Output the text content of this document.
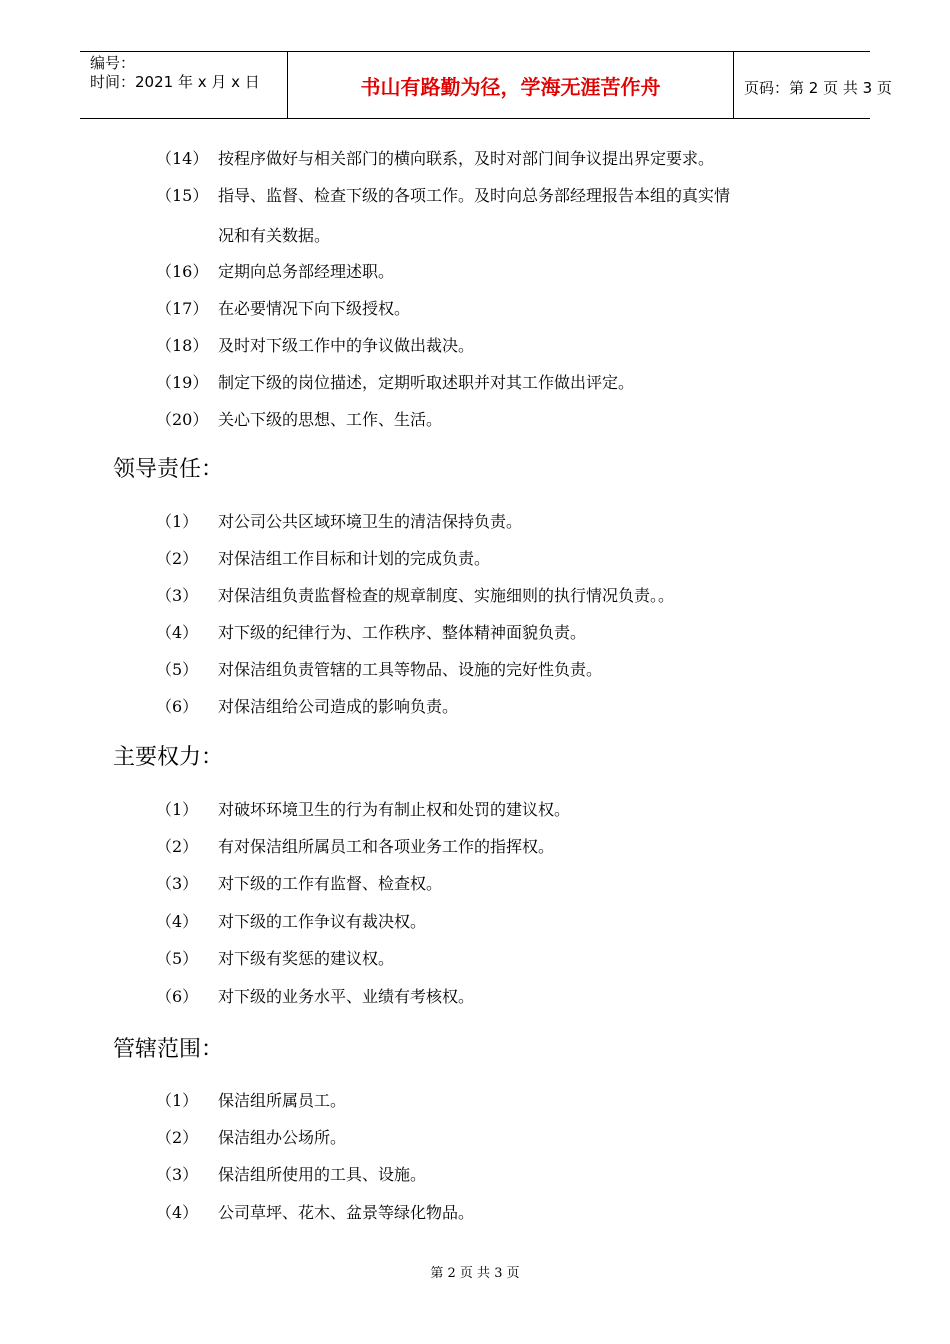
编号：
时间：2021 年 x 月 x 日	书山有路勤为径，学海无涯苦作舟	页码：第 2 页 共 3 页
（14） 按程序做好与相关部门的横向联系，及时对部门间争议提出界定要求。
（15） 指导、监督、检查下级的各项工作。及时向总务部经理报告本组的真实情
况和有关数据。
（16） 定期向总务部经理述职。
（17） 在必要情况下向下级授权。
（18） 及时对下级工作中的争议做出裁决。
（19） 制定下级的岗位描述，定期听取述职并对其工作做出评定。
（20） 关心下级的思想、工作、生活。
领导责任：
（1） 对公司公共区域环境卫生的清洁保持负责。
（2） 对保洁组工作目标和计划的完成负责。
（3） 对保洁组负责监督检查的规章制度、实施细则的执行情况负责。。
（4） 对下级的纪律行为、工作秩序、整体精神面貌负责。
（5） 对保洁组负责管辖的工具等物品、设施的完好性负责。
（6） 对保洁组给公司造成的影响负责。
主要权力：
（1） 对破坏环境卫生的行为有制止权和处罚的建议权。
（2） 有对保洁组所属员工和各项业务工作的指挥权。
（3） 对下级的工作有监督、检查权。
（4） 对下级的工作争议有裁决权。
（5） 对下级有奖惩的建议权。
（6） 对下级的业务水平、业绩有考核权。
管辖范围：
（1） 保洁组所属员工。
（2） 保洁组办公场所。
（3） 保洁组所使用的工具、设施。
（4） 公司草坪、花木、盆景等绿化物品。
第 2 页 共 3 页
